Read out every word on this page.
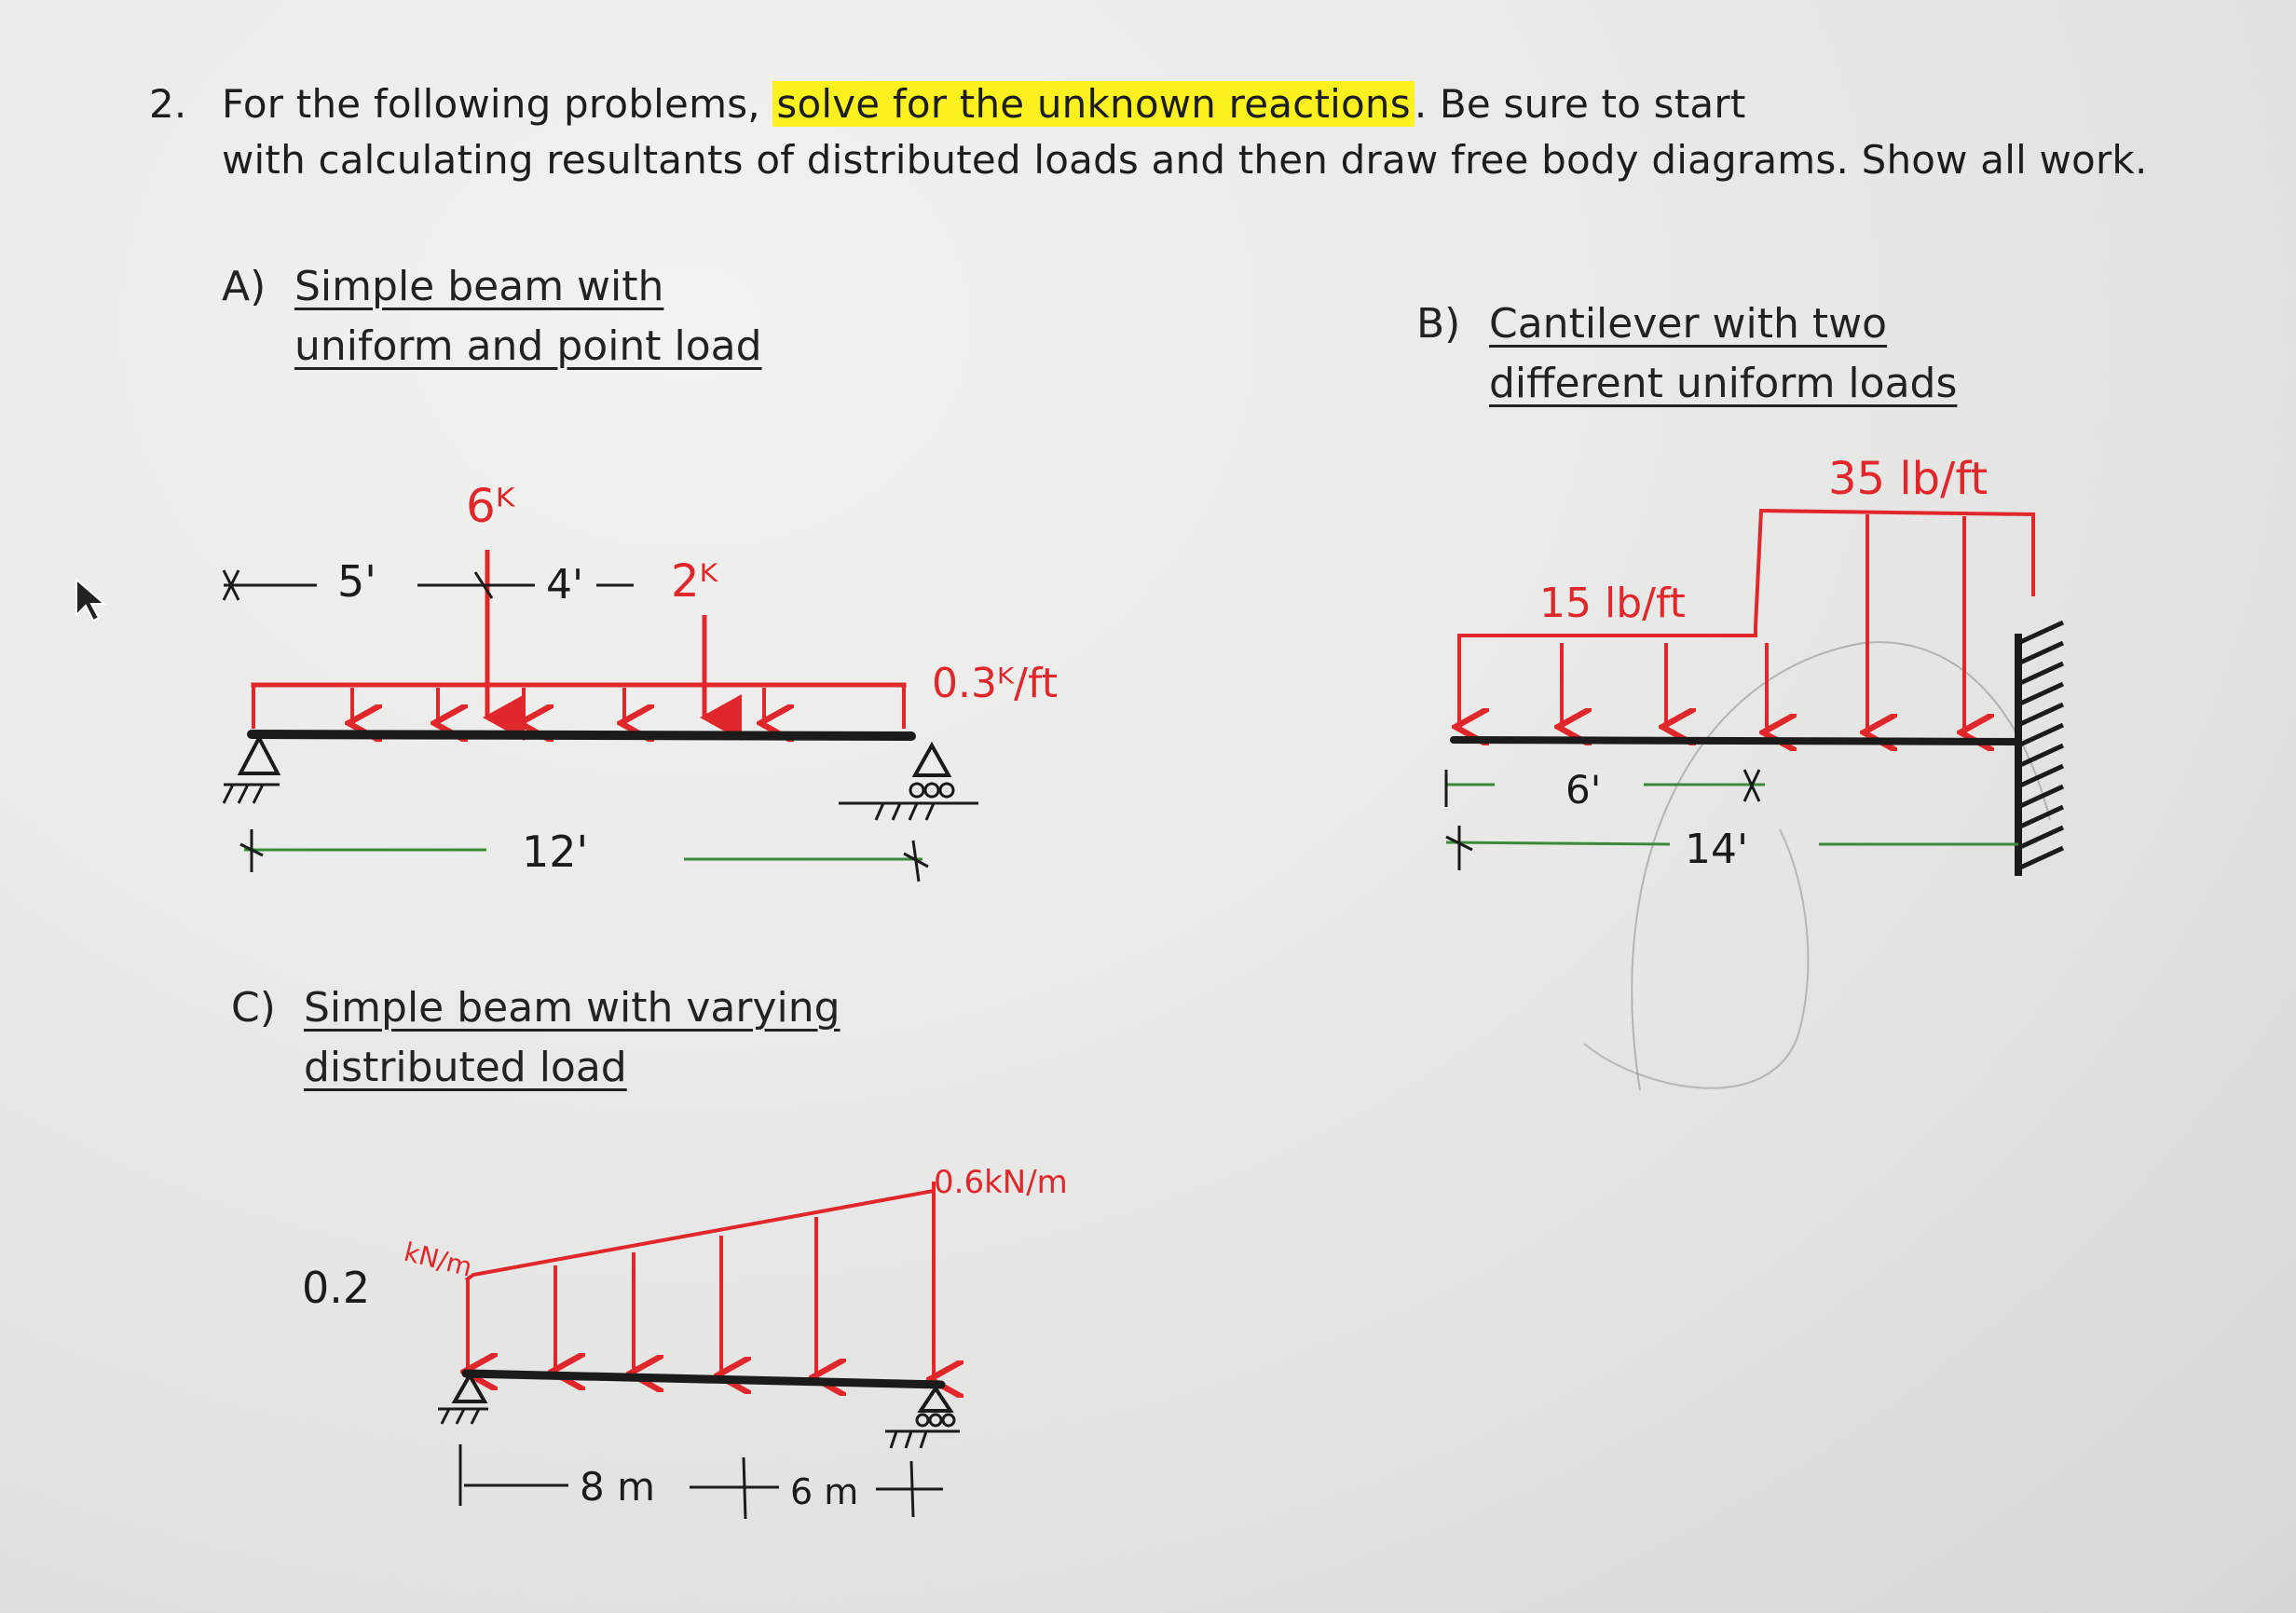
2. For the following problems, solve for the unknown reactions. Be sure to start
with calculating resultants of distributed loads and then draw free body diagrams. Show all work.
A) Simple beam with
uniform and point load	B) Cantilever with two
different uniform loads
C) Simple beam with varying
distributed load
6ᴷ
2ᴷ
5'	4'
12'
0.3ᴷ/ft
35 lb/ft
15 lb/ft
6'
14'
0.2
kN/m
0.6kN/m
8 m	6 m
